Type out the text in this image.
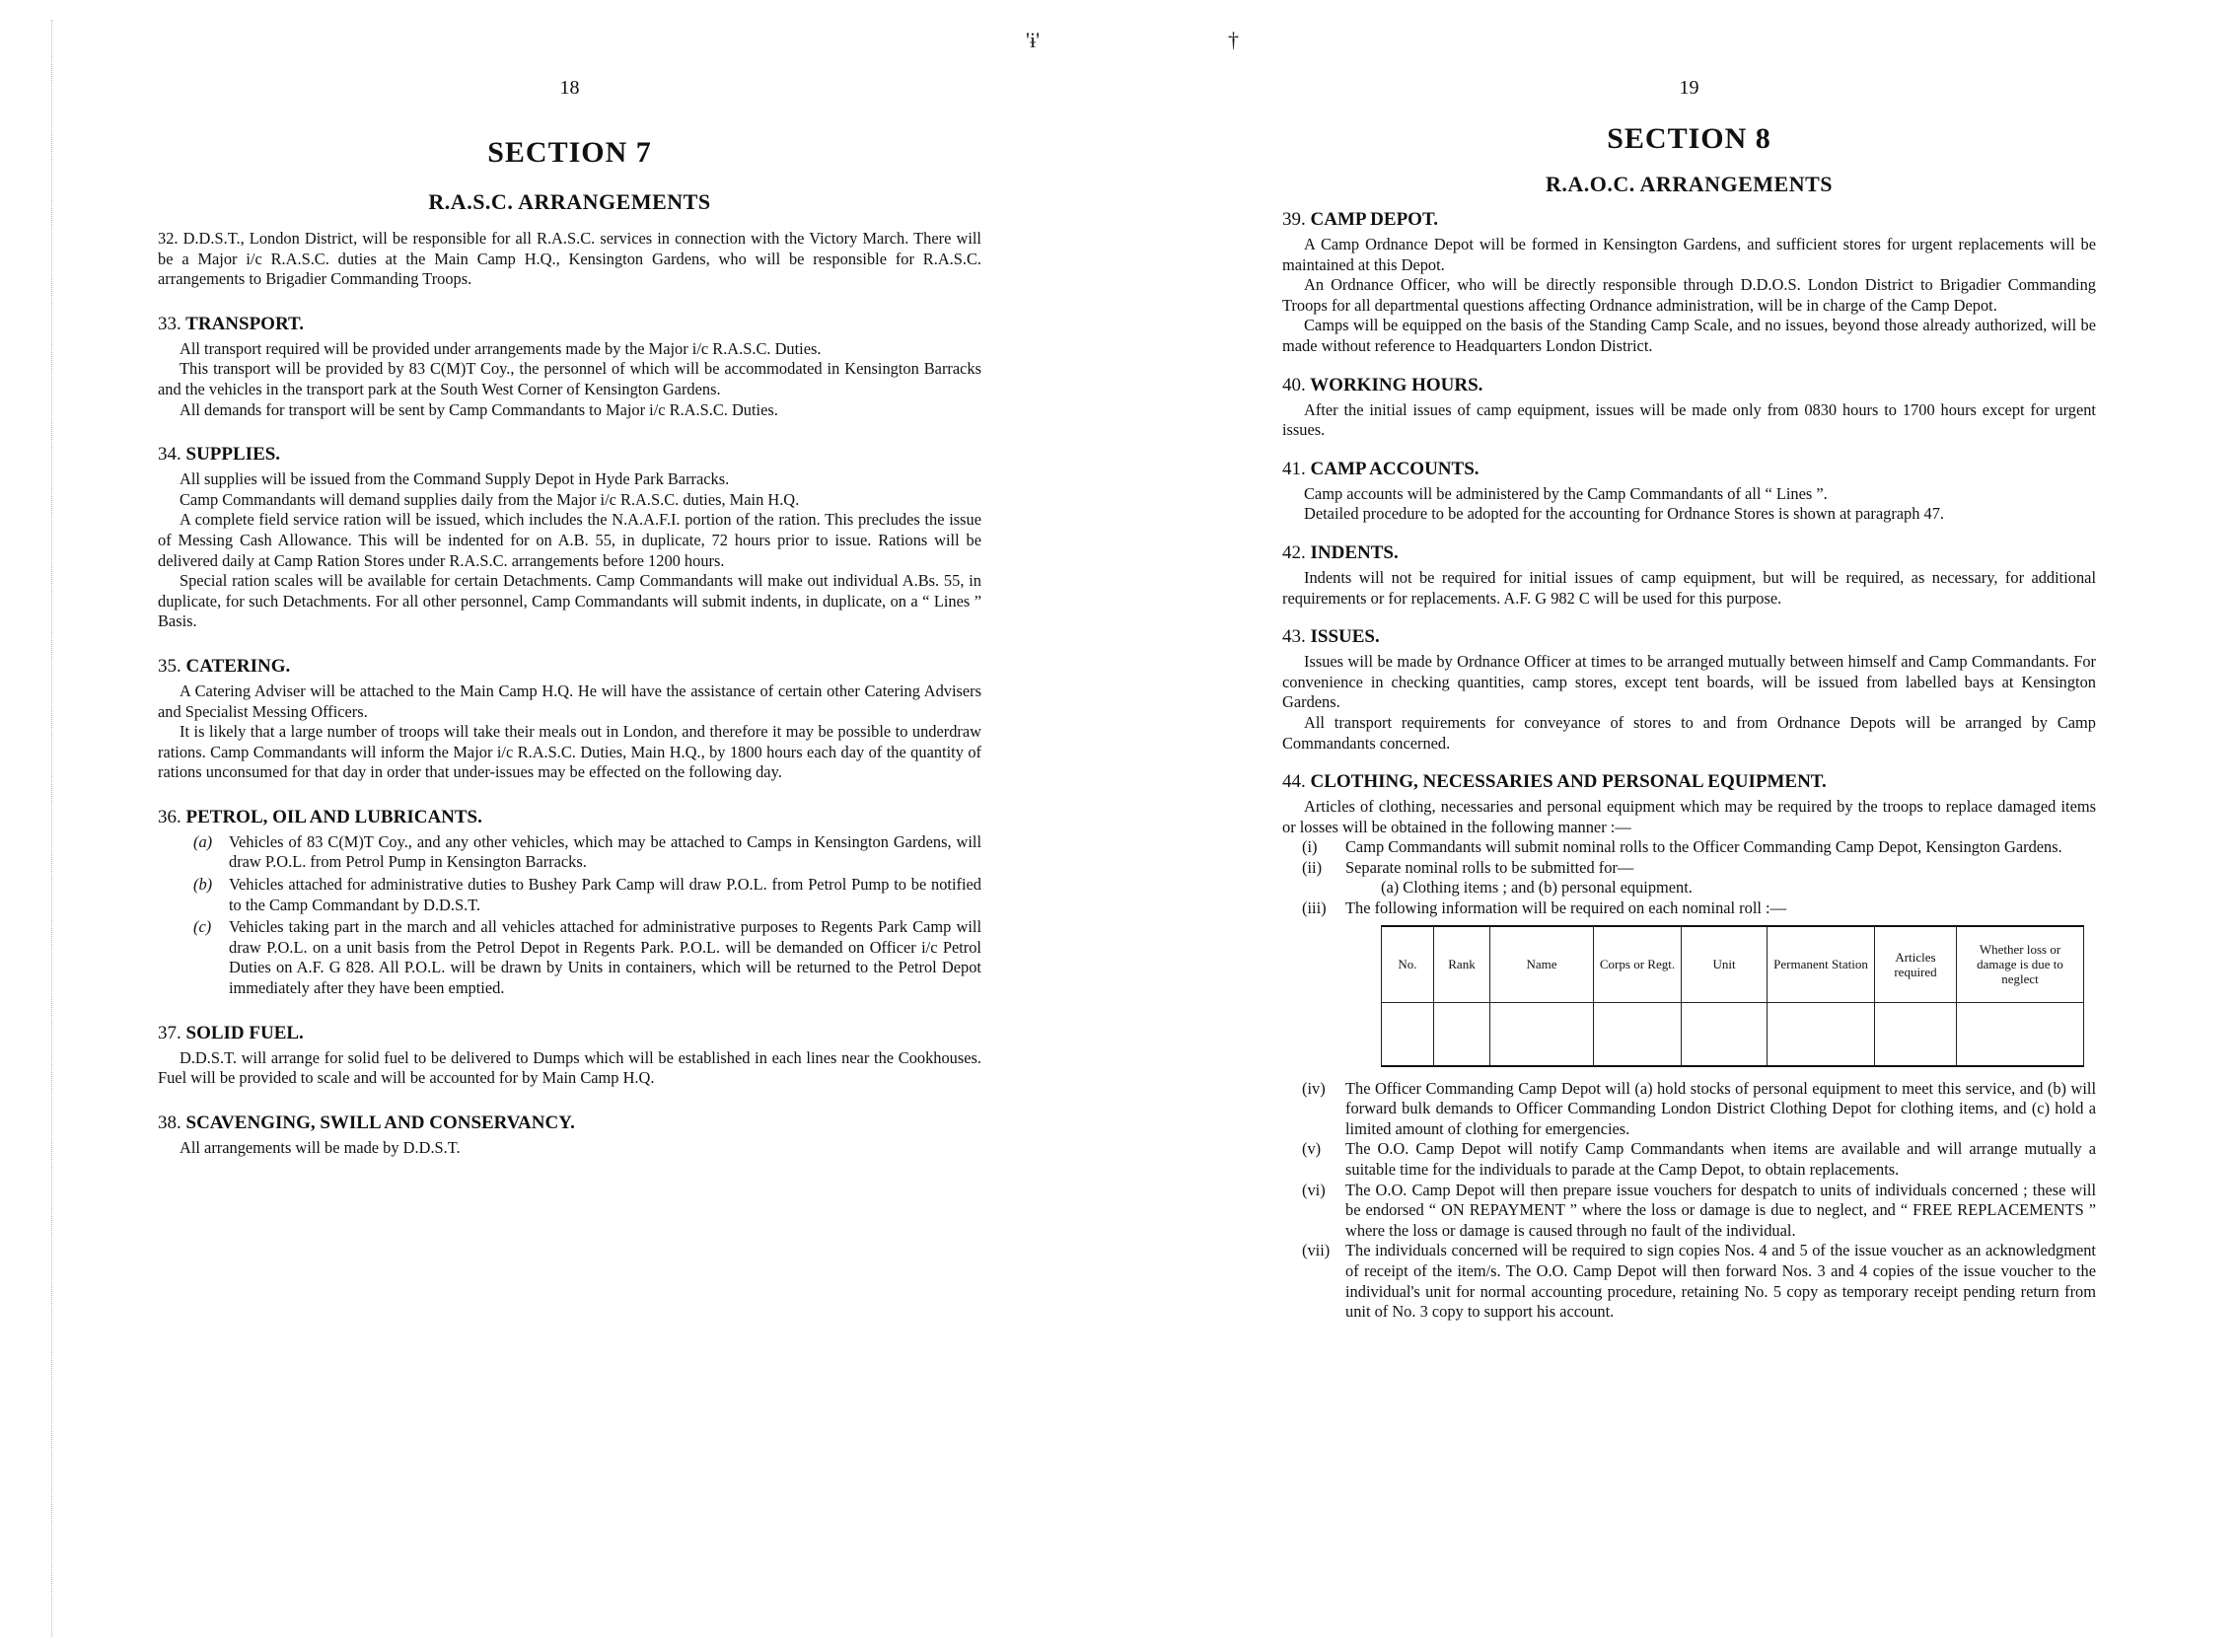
'ɨ'	†
18
SECTION 7
R.A.S.C. ARRANGEMENTS

32. D.D.S.T., London District, will be responsible for all R.A.S.C. services in connection with the Victory March. There will be a Major i/c R.A.S.C. duties at the Main Camp H.Q., Kensington Gardens, who will be responsible for R.A.S.C. arrangements to Brigadier Commanding Troops.

33. TRANSPORT.

All transport required will be provided under arrangements made by the Major i/c R.A.S.C. Duties.

This transport will be provided by 83 C(M)T Coy., the personnel of which will be accommodated in Kensington Barracks and the vehicles in the transport park at the South West Corner of Kensington Gardens.

All demands for transport will be sent by Camp Commandants to Major i/c R.A.S.C. Duties.

34. SUPPLIES.

All supplies will be issued from the Command Supply Depot in Hyde Park Barracks.

Camp Commandants will demand supplies daily from the Major i/c R.A.S.C. duties, Main H.Q.

A complete field service ration will be issued, which includes the N.A.A.F.I. portion of the ration. This precludes the issue of Messing Cash Allowance. This will be indented for on A.B. 55, in duplicate, 72 hours prior to issue. Rations will be delivered daily at Camp Ration Stores under R.A.S.C. arrangements before 1200 hours.

Special ration scales will be available for certain Detachments. Camp Commandants will make out individual A.Bs. 55, in duplicate, for such Detachments. For all other personnel, Camp Commandants will submit indents, in duplicate, on a “ Lines ” Basis.

35. CATERING.

A Catering Adviser will be attached to the Main Camp H.Q. He will have the assistance of certain other Catering Advisers and Specialist Messing Officers.

It is likely that a large number of troops will take their meals out in London, and therefore it may be possible to underdraw rations. Camp Commandants will inform the Major i/c R.A.S.C. Duties, Main H.Q., by 1800 hours each day of the quantity of rations unconsumed for that day in order that under-issues may be effected on the following day.

36. PETROL, OIL AND LUBRICANTS.
(a)	Vehicles of 83 C(M)T Coy., and any other vehicles, which may be attached to Camps in Kensington Gardens, will draw P.O.L. from Petrol Pump in Kensington Barracks.
(b)	Vehicles attached for administrative duties to Bushey Park Camp will draw P.O.L. from Petrol Pump to be notified to the Camp Commandant by D.D.S.T.
(c)	Vehicles taking part in the march and all vehicles attached for administrative purposes to Regents Park Camp will draw P.O.L. on a unit basis from the Petrol Depot in Regents Park. P.O.L. will be demanded on Officer i/c Petrol Duties on A.F. G 828. All P.O.L. will be drawn by Units in containers, which will be returned to the Petrol Depot immediately after they have been emptied.
37. SOLID FUEL.

D.D.S.T. will arrange for solid fuel to be delivered to Dumps which will be established in each lines near the Cookhouses. Fuel will be provided to scale and will be accounted for by Main Camp H.Q.

38. SCAVENGING, SWILL AND CONSERVANCY.

All arrangements will be made by D.D.S.T.

19
SECTION 8
R.A.O.C. ARRANGEMENTS
39. CAMP DEPOT.

A Camp Ordnance Depot will be formed in Kensington Gardens, and sufficient stores for urgent replacements will be maintained at this Depot.

An Ordnance Officer, who will be directly responsible through D.D.O.S. London District to Brigadier Commanding Troops for all departmental questions affecting Ordnance administration, will be in charge of the Camp Depot.

Camps will be equipped on the basis of the Standing Camp Scale, and no issues, beyond those already authorized, will be made without reference to Headquarters London District.

40. WORKING HOURS.

After the initial issues of camp equipment, issues will be made only from 0830 hours to 1700 hours except for urgent issues.

41. CAMP ACCOUNTS.

Camp accounts will be administered by the Camp Commandants of all “ Lines ”.

Detailed procedure to be adopted for the accounting for Ordnance Stores is shown at paragraph 47.

42. INDENTS.

Indents will not be required for initial issues of camp equipment, but will be required, as necessary, for additional requirements or for replacements. A.F. G 982 C will be used for this purpose.

43. ISSUES.

Issues will be made by Ordnance Officer at times to be arranged mutually between himself and Camp Commandants. For convenience in checking quantities, camp stores, except tent boards, will be issued from labelled bays at Kensington Gardens.

All transport requirements for conveyance of stores to and from Ordnance Depots will be arranged by Camp Commandants concerned.

44. CLOTHING, NECESSARIES AND PERSONAL EQUIPMENT.

Articles of clothing, necessaries and personal equipment which may be required by the troops to replace damaged items or losses will be obtained in the following manner :—

(i)	Camp Commandants will submit nominal rolls to the Officer Commanding Camp Depot, Kensington Gardens.
(ii)	Separate nominal rolls to be submitted for—
(a) Clothing items ; and (b) personal equipment.
(iii)	The following information will be required on each nominal roll :—
No.	Rank	Name	Corps or Regt.	Unit	Permanent Station	Articles required	Whether loss or damage is due to neglect

(iv)	The Officer Commanding Camp Depot will (a) hold stocks of personal equipment to meet this service, and (b) will forward bulk demands to Officer Commanding London District Clothing Depot for clothing items, and (c) hold a limited amount of clothing for emergencies.
(v)	The O.O. Camp Depot will notify Camp Commandants when items are available and will arrange mutually a suitable time for the individuals to parade at the Camp Depot, to obtain replacements.
(vi)	The O.O. Camp Depot will then prepare issue vouchers for despatch to units of individuals concerned ; these will be endorsed “ ON REPAYMENT ” where the loss or damage is due to neglect, and “ FREE REPLACEMENTS ” where the loss or damage is caused through no fault of the individual.
(vii) The individuals concerned will be required to sign copies Nos. 4 and 5 of the issue voucher as an acknowledgment of receipt of the item/s. The O.O. Camp Depot will then forward Nos. 3 and 4 copies of the issue voucher to the individual's unit for normal accounting procedure, retaining No. 5 copy as temporary receipt pending return from unit of No. 3 copy to support his account.
